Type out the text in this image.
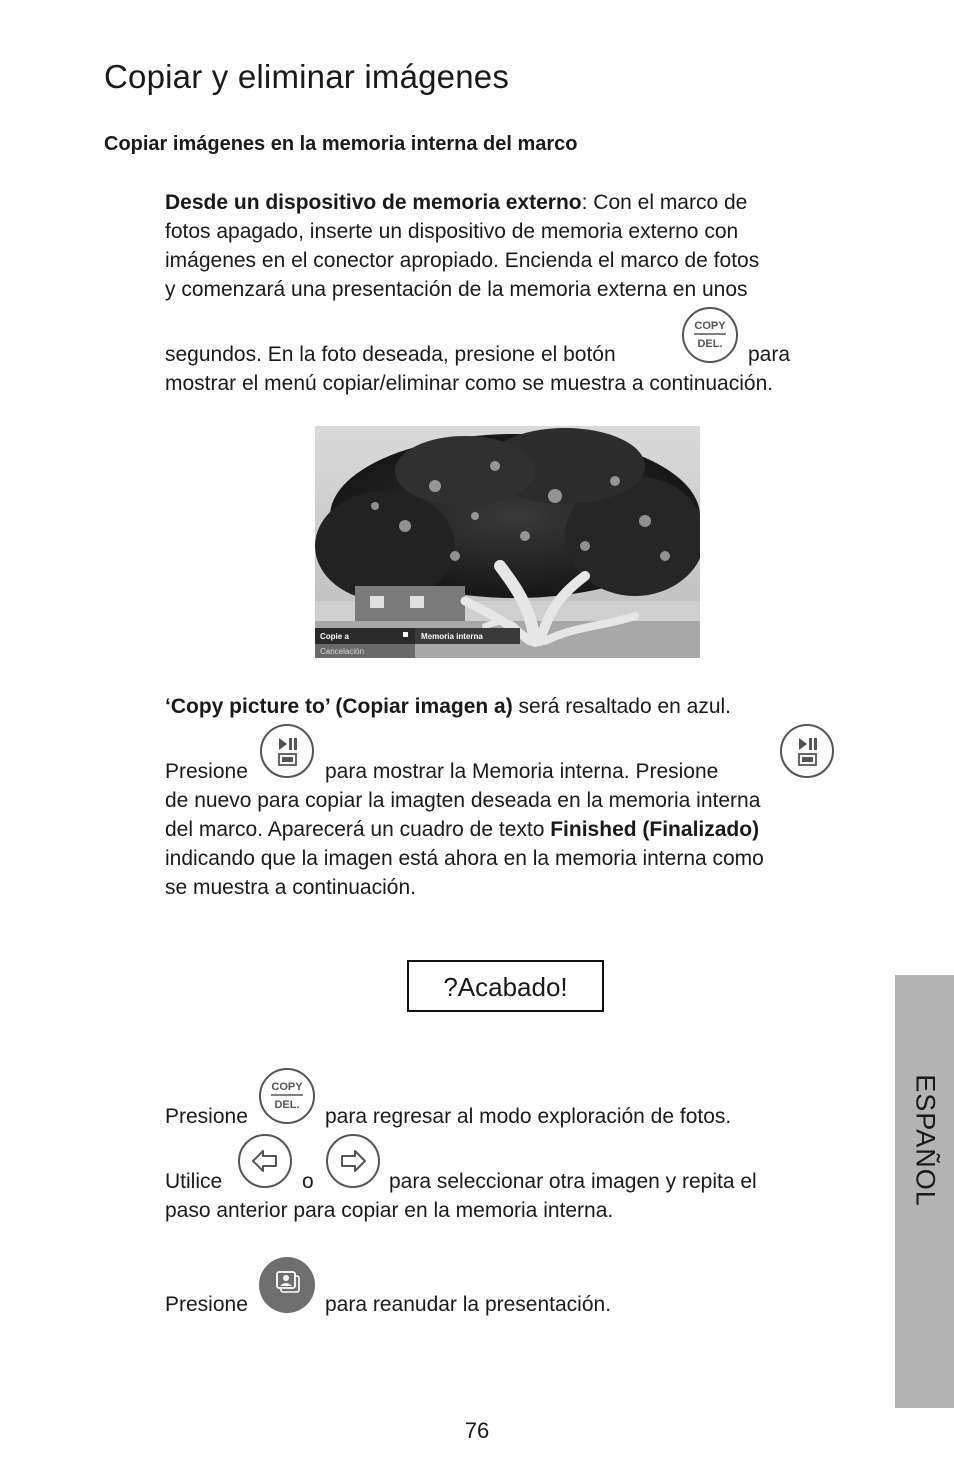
Copiar y eliminar imágenes
Copiar imágenes en la memoria interna del marco
Desde un dispositivo de memoria externo: Con el marco de
fotos apagado, inserte un dispositivo de memoria externo con
imágenes en el conector apropiado. Encienda el marco de fotos
y comenzará una presentación de la memoria externa en unos
segundos. En la foto deseada, presione el botón
COPY
DEL. para
mostrar el menú copiar/eliminar como se muestra a continuación.
Copie a	Memoria interna
Cancelación
‘Copy picture to’ (Copiar imagen a) será resaltado en azul.
Presione	para mostrar la Memoria interna. Presione
de nuevo para copiar la imagten deseada en la memoria interna
del marco. Aparecerá un cuadro de texto Finished (Finalizado)
indicando que la imagen está ahora en la memoria interna como
se muestra a continuación.
?Acabado!
Presione
COPY
DEL. para regresar al modo exploración de fotos.
Utilice	o	para seleccionar otra imagen y repita el
paso anterior para copiar en la memoria interna.
Presione	para reanudar la presentación.
ESPAÑOL
76
